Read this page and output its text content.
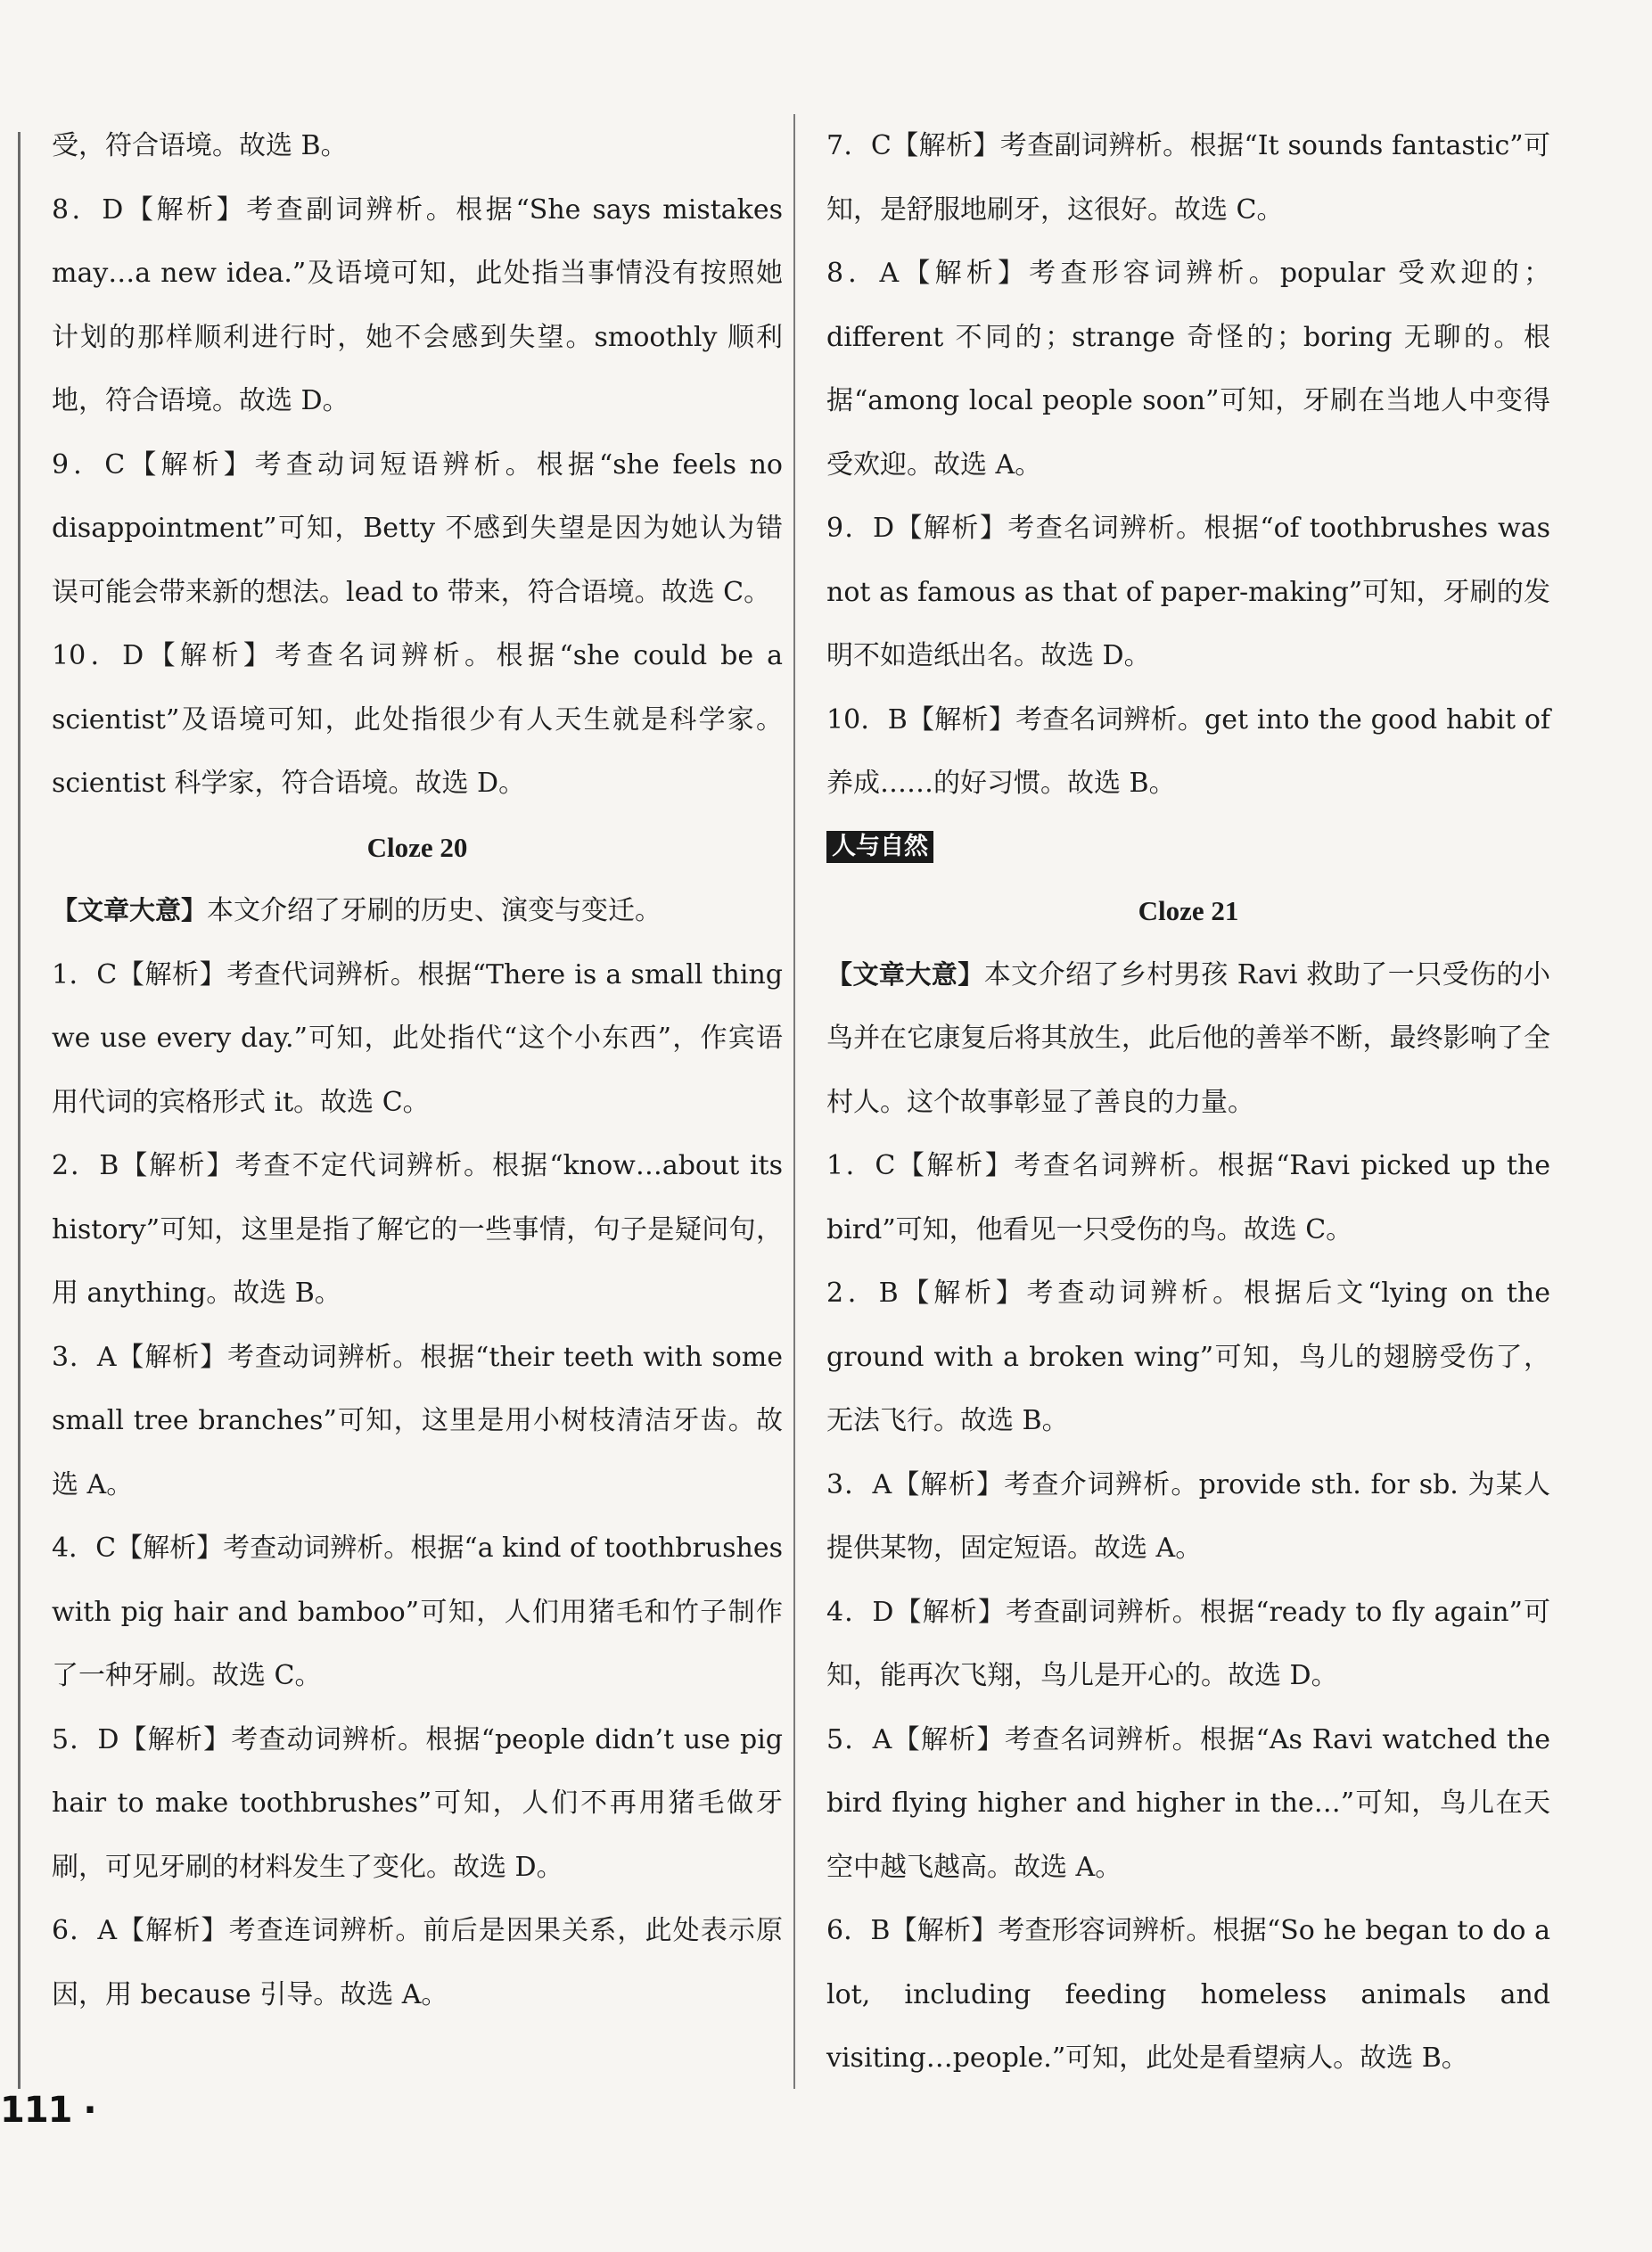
受，符合语境。故选 B。

8．D【解析】考查副词辨析。根据“She says mistakes may…a new idea.”及语境可知，此处指当事情没有按照她计划的那样顺利进行时，她不会感到失望。smoothly 顺利地，符合语境。故选 D。

9．C【解析】考查动词短语辨析。根据“she feels no disappointment”可知，Betty 不感到失望是因为她认为错误可能会带来新的想法。lead to 带来，符合语境。故选 C。

10．D【解析】考查名词辨析。根据“she could be a scientist”及语境可知，此处指很少有人天生就是科学家。scientist 科学家，符合语境。故选 D。

Cloze 20

【文章大意】本文介绍了牙刷的历史、演变与变迁。

1．C【解析】考查代词辨析。根据“There is a small thing we use every day.”可知，此处指代“这个小东西”，作宾语用代词的宾格形式 it。故选 C。

2．B【解析】考查不定代词辨析。根据“know…about its history”可知，这里是指了解它的一些事情，句子是疑问句，用 anything。故选 B。

3．A【解析】考查动词辨析。根据“their teeth with some small tree branches”可知，这里是用小树枝清洁牙齿。故选 A。

4．C【解析】考查动词辨析。根据“a kind of toothbrushes with pig hair and bamboo”可知，人们用猪毛和竹子制作了一种牙刷。故选 C。

5．D【解析】考查动词辨析。根据“people didn’t use pig hair to make toothbrushes”可知，人们不再用猪毛做牙刷，可见牙刷的材料发生了变化。故选 D。

6．A【解析】考查连词辨析。前后是因果关系，此处表示原因，用 because 引导。故选 A。

7．C【解析】考查副词辨析。根据“It sounds fantastic”可知，是舒服地刷牙，这很好。故选 C。

8．A【解析】考查形容词辨析。popular 受欢迎的；different 不同的；strange 奇怪的；boring 无聊的。根据“among local people soon”可知，牙刷在当地人中变得受欢迎。故选 A。

9．D【解析】考查名词辨析。根据“of toothbrushes was not as famous as that of paper-making”可知，牙刷的发明不如造纸出名。故选 D。

10．B【解析】考查名词辨析。get into the good habit of 养成……的好习惯。故选 B。

人与自然

Cloze 21

【文章大意】本文介绍了乡村男孩 Ravi 救助了一只受伤的小鸟并在它康复后将其放生，此后他的善举不断，最终影响了全村人。这个故事彰显了善良的力量。

1．C【解析】考查名词辨析。根据“Ravi picked up the bird”可知，他看见一只受伤的鸟。故选 C。

2．B【解析】考查动词辨析。根据后文“lying on the ground with a broken wing”可知，鸟儿的翅膀受伤了，无法飞行。故选 B。

3．A【解析】考查介词辨析。provide sth. for sb. 为某人提供某物，固定短语。故选 A。

4．D【解析】考查副词辨析。根据“ready to fly again”可知，能再次飞翔，鸟儿是开心的。故选 D。

5．A【解析】考查名词辨析。根据“As Ravi watched the bird flying higher and higher in the…”可知，鸟儿在天空中越飞越高。故选 A。

6．B【解析】考查形容词辨析。根据“So he began to do a lot, including feeding homeless animals and visiting…people.”可知，此处是看望病人。故选 B。

111 ·
